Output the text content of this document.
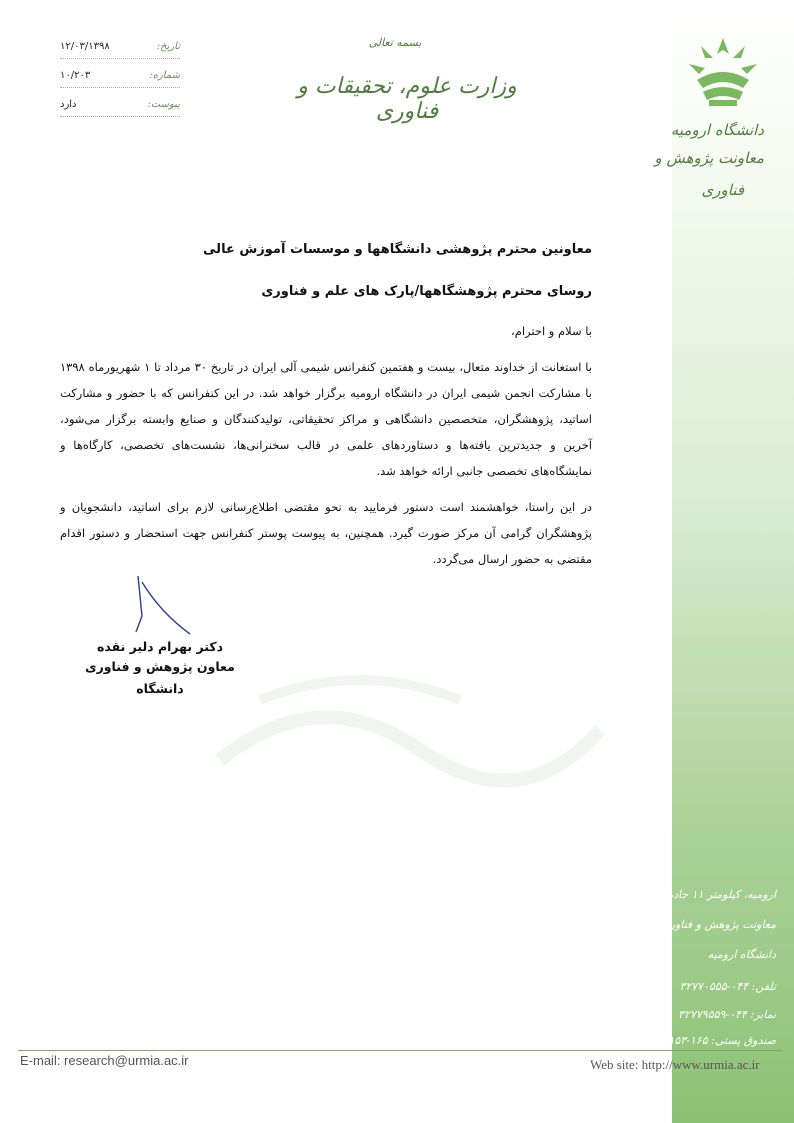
دانشگاه ارومیه
معاونت پژوهش و
فناوری
ارومیه، کیلومتر ۱۱ جاده سرو
معاونت پژوهش و فناوری
دانشگاه ارومیه
تلفن: ۰۴۴-۳۲۷۷۰۵۵۵
نمابر: ۰۴۴-۳۲۷۷۹۵۵۹
صندوق پستی: ۱۶۵-۵۷۱۵۳
تاریخ:
۱۲/۰۳/۱۳۹۸
شماره:
۱۰/۲۰۳
پیوست:
دارد
بسمه تعالی
وزارت علوم، تحقیقات و فناوری
معاونین محترم پژوهشی دانشگاهها و موسسات آموزش عالی
روسای محترم پژوهشگاهها/پارک های علم و فناوری
با سلام و احترام،
با استعانت از خداوند متعال، بیست و هفتمین کنفرانس شیمی آلی ایران در تاریخ ۳۰ مرداد تا ۱ شهریورماه ۱۳۹۸ با مشارکت انجمن شیمی ایران در دانشگاه ارومیه برگزار خواهد شد. در این کنفرانس که با حضور و مشارکت اساتید، پژوهشگران، متخصصین دانشگاهی و مراکز تحقیقاتی، تولیدکنندگان و صنایع وابسته برگزار می‌شود، آخرین و جدیدترین یافته‌ها و دستاوردهای علمی در قالب سخنرانی‌ها، نشست‌های تخصصی، کارگاه‌ها و نمایشگاه‌های تخصصی جانبی ارائه خواهد شد.
در این راستا، خواهشمند است دستور فرمایید به نحو مقتضی اطلاع‌رسانی لازم برای اساتید، دانشجویان و پژوهشگران گرامی آن مرکز صورت گیرد. همچنین، به پیوست پوستر کنفرانس جهت استحضار و دستور اقدام مقتضی به حضور ارسال می‌گردد.
دکتر بهرام دلیر نقده
معاون پژوهش و فناوری دانشگاه
E-mail: research@urmia.ac.ir	Web site: http://www.urmia.ac.ir
